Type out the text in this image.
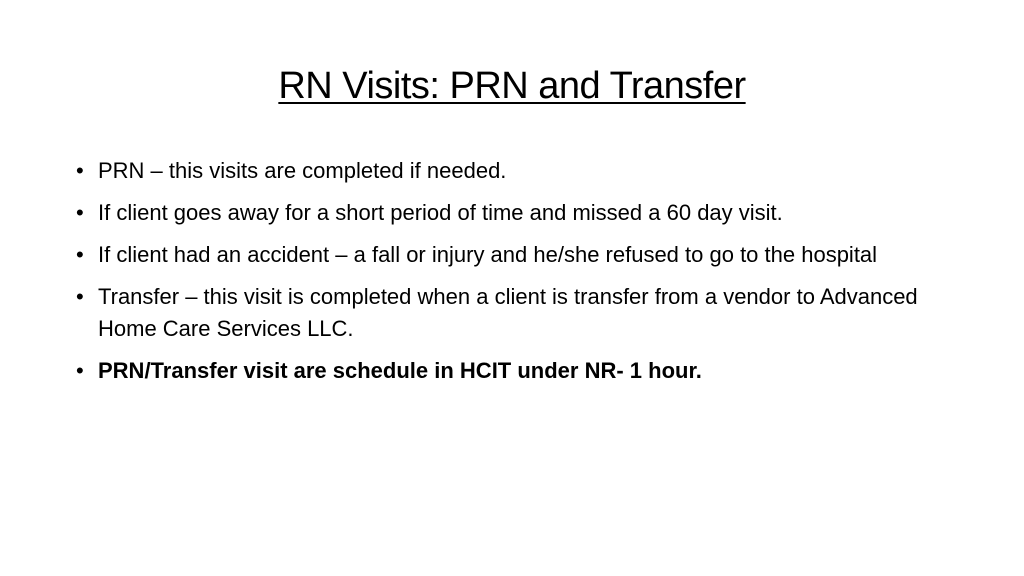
RN Visits: PRN and Transfer
• PRN – this visits are completed if needed.
• If client goes away for a short period of time and missed a 60 day visit.
• If client had an accident – a fall or injury and he/she refused to go to the hospital
• Transfer – this visit is completed when a client is transfer from a vendor to Advanced Home Care Services LLC.
• PRN/Transfer visit are schedule in HCIT under NR- 1 hour.
